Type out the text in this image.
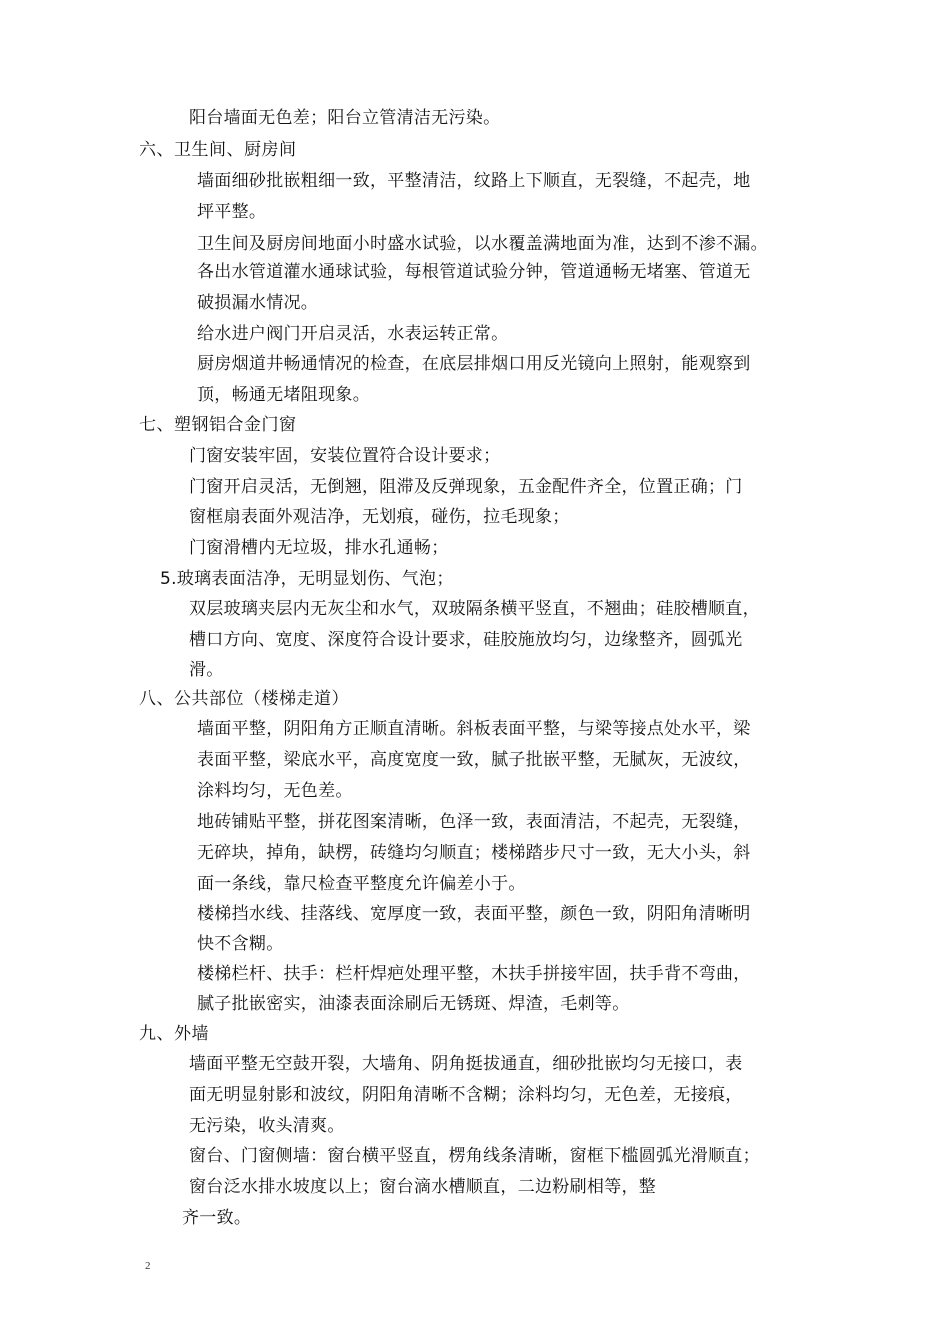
阳台墙面无色差；阳台立管清洁无污染。
六、卫生间、厨房间
墙面细砂批嵌粗细一致，平整清洁，纹路上下顺直，无裂缝，不起壳，地
坪平整。
卫生间及厨房间地面小时盛水试验，以水覆盖满地面为准，达到不渗不漏。
各出水管道灌水通球试验，每根管道试验分钟，管道通畅无堵塞、管道无
破损漏水情况。
给水进户阀门开启灵活，水表运转正常。
厨房烟道井畅通情况的检查，在底层排烟口用反光镜向上照射，能观察到
顶，畅通无堵阻现象。
七、塑钢铝合金门窗
门窗安装牢固，安装位置符合设计要求；
门窗开启灵活，无倒翘，阻滞及反弹现象，五金配件齐全，位置正确；门
窗框扇表面外观洁净，无划痕，碰伤，拉毛现象；
门窗滑槽内无垃圾，排水孔通畅；
5.玻璃表面洁净，无明显划伤、气泡；
双层玻璃夹层内无灰尘和水气，双玻隔条横平竖直，不翘曲；硅胶槽顺直，
槽口方向、宽度、深度符合设计要求，硅胶施放均匀，边缘整齐，圆弧光
滑。
八、公共部位（楼梯走道）
墙面平整，阴阳角方正顺直清晰。斜板表面平整，与梁等接点处水平，梁
表面平整，梁底水平，高度宽度一致，腻子批嵌平整，无腻灰，无波纹，
涂料均匀，无色差。
地砖铺贴平整，拼花图案清晰，色泽一致，表面清洁，不起壳，无裂缝，
无碎块，掉角，缺楞，砖缝均匀顺直；楼梯踏步尺寸一致，无大小头，斜
面一条线，靠尺检查平整度允许偏差小于。
楼梯挡水线、挂落线、宽厚度一致，表面平整，颜色一致，阴阳角清晰明
快不含糊。
楼梯栏杆、扶手：栏杆焊疤处理平整，木扶手拼接牢固，扶手背不弯曲，
腻子批嵌密实，油漆表面涂刷后无锈斑、焊渣，毛刺等。
九、外墙
墙面平整无空鼓开裂，大墙角、阴角挺拔通直，细砂批嵌均匀无接口，表
面无明显射影和波纹，阴阳角清晰不含糊；涂料均匀，无色差，无接痕，
无污染，收头清爽。
窗台、门窗侧墙：窗台横平竖直，楞角线条清晰，窗框下槛圆弧光滑顺直；
窗台泛水排水坡度以上；窗台滴水槽顺直，二边粉刷相等，整
齐一致。
2
